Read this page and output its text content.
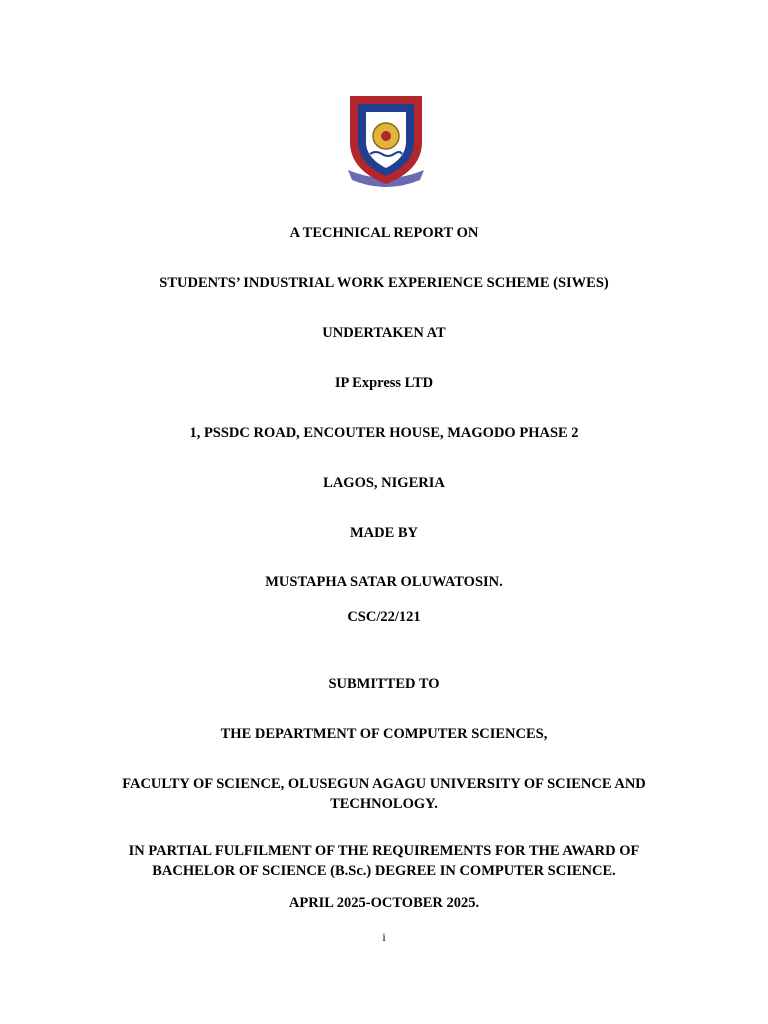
A TECHNICAL REPORT ON
STUDENTS’ INDUSTRIAL WORK EXPERIENCE SCHEME (SIWES)
UNDERTAKEN AT
IP Express LTD
1, PSSDC ROAD, ENCOUTER HOUSE, MAGODO PHASE 2
LAGOS, NIGERIA
MADE BY
MUSTAPHA SATAR OLUWATOSIN.
CSC/22/121
SUBMITTED TO
THE DEPARTMENT OF COMPUTER SCIENCES,
FACULTY OF SCIENCE, OLUSEGUN AGAGU UNIVERSITY OF SCIENCE AND TECHNOLOGY.
IN PARTIAL FULFILMENT OF THE REQUIREMENTS FOR THE AWARD OF BACHELOR OF SCIENCE (B.Sc.) DEGREE IN COMPUTER SCIENCE.
APRIL 2025-OCTOBER 2025.
i
